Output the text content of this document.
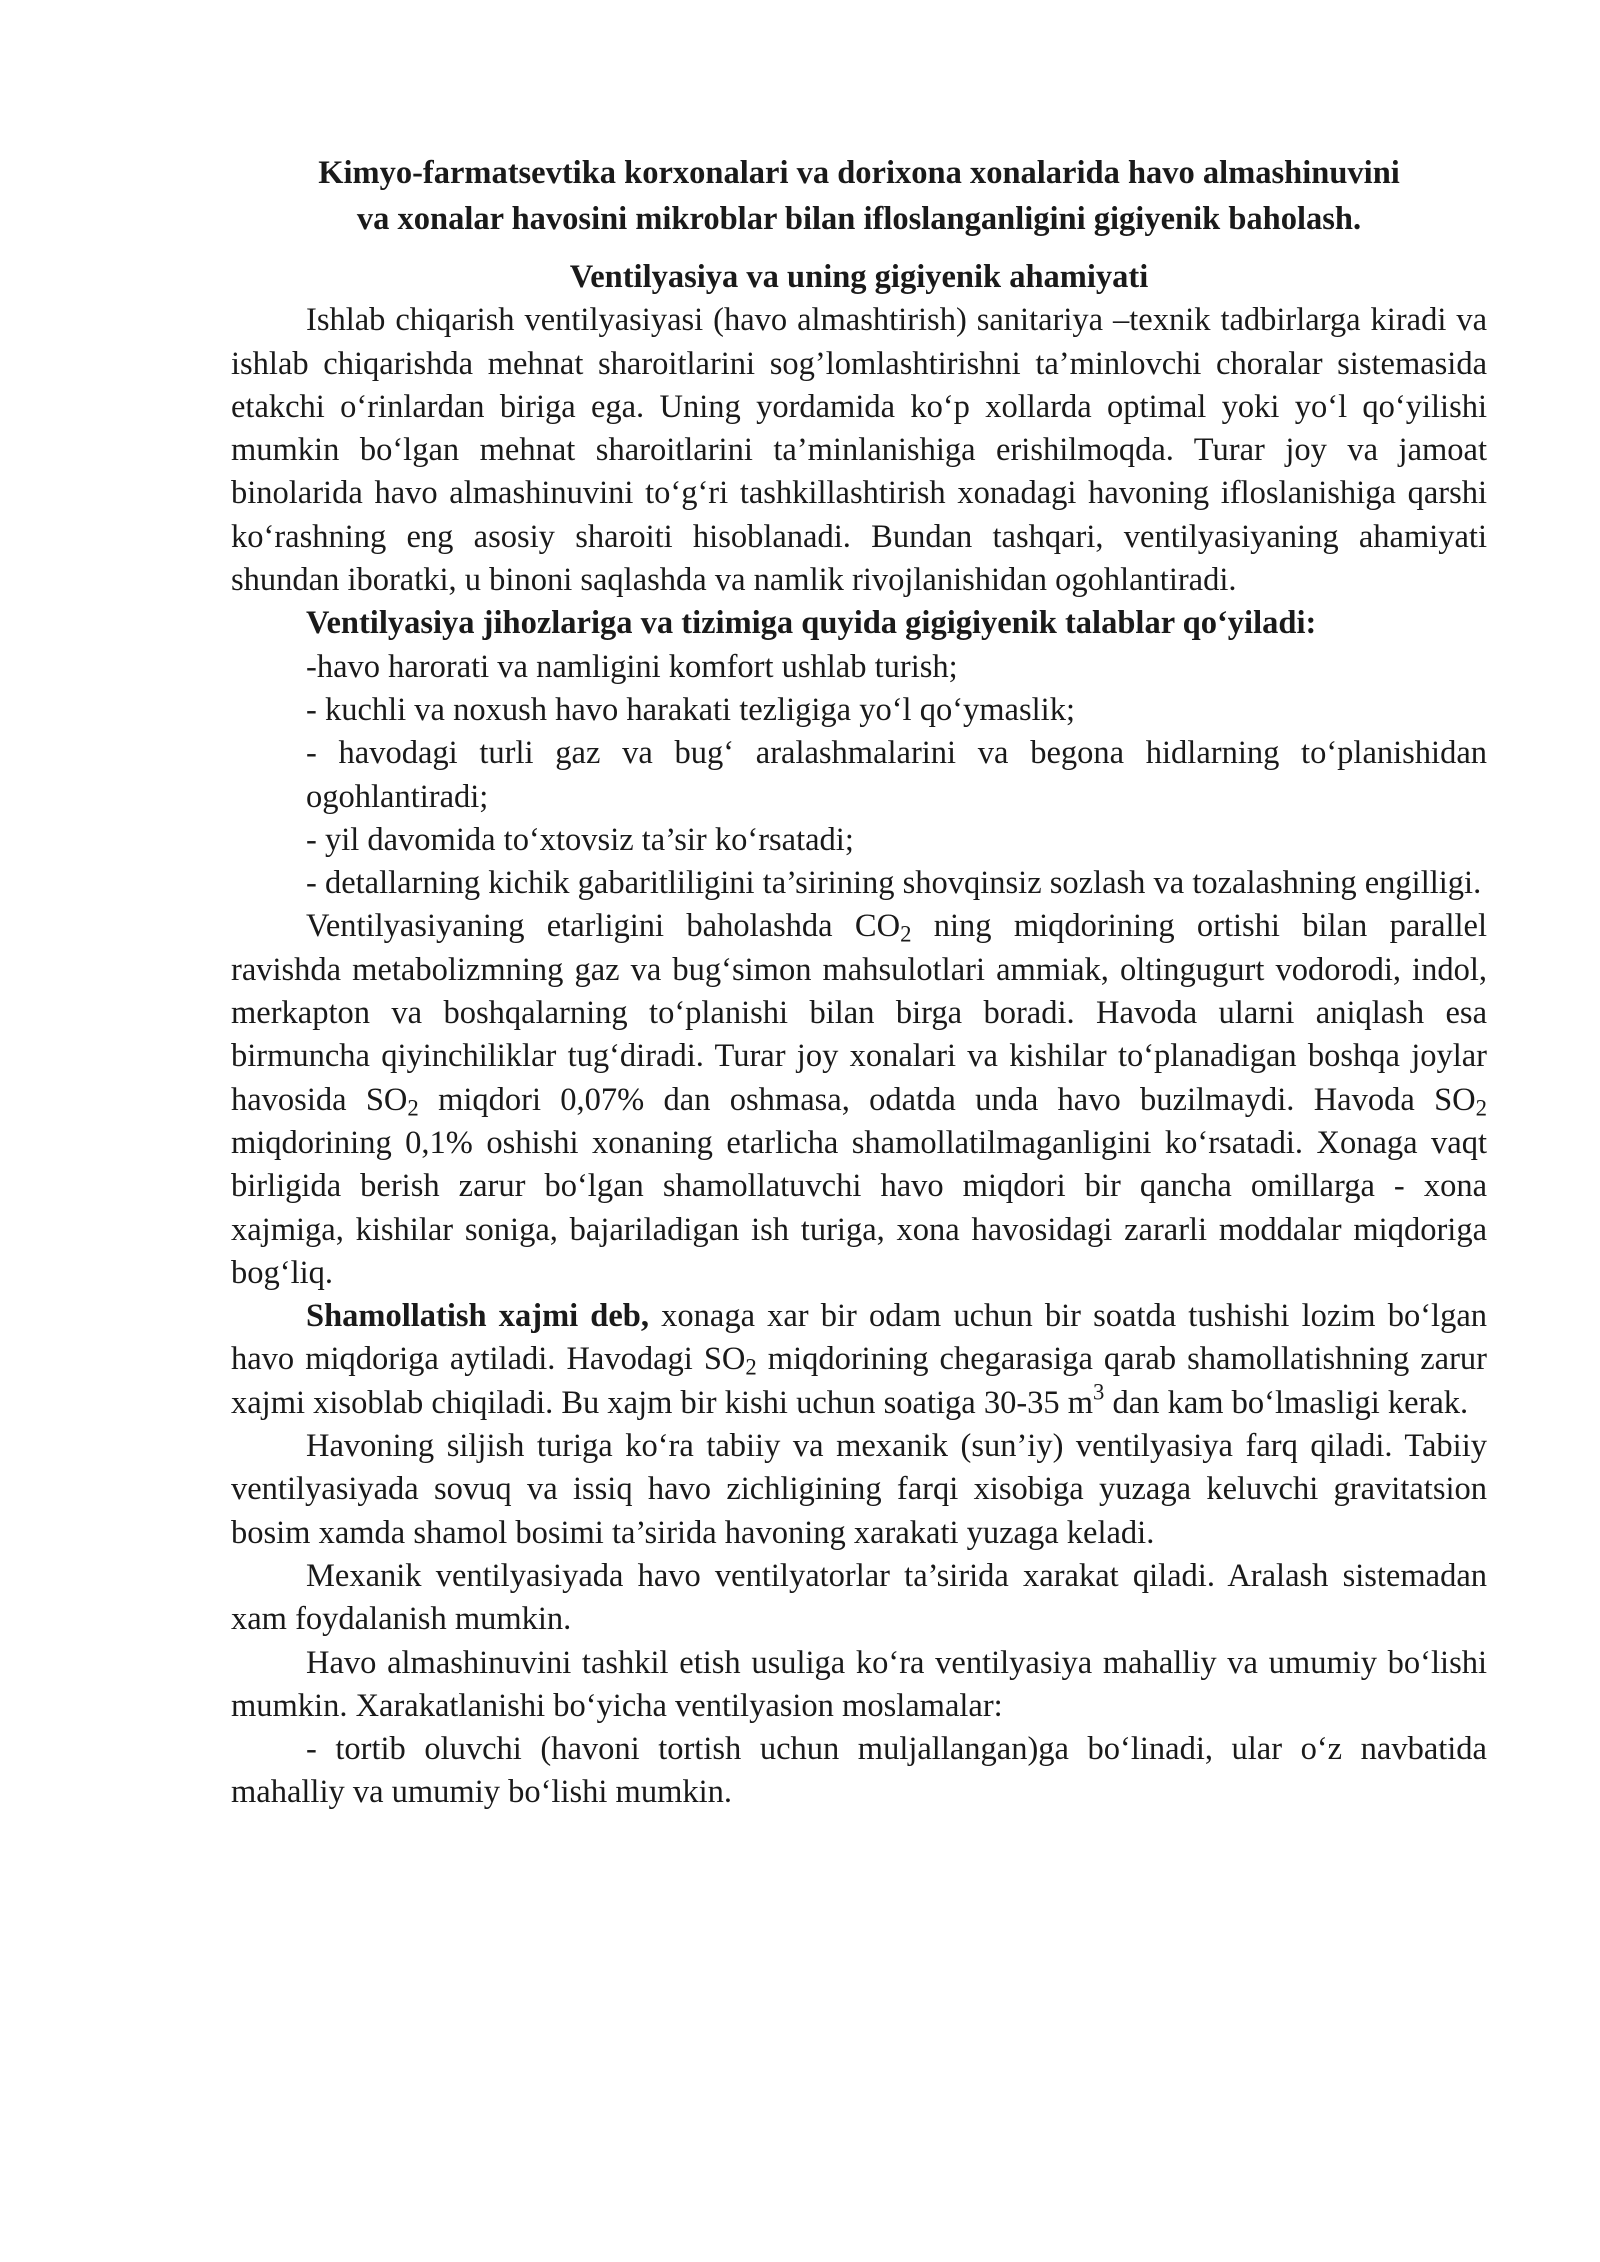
Kimyo-farmatsevtika korxonalari va dorixona xonalarida havo almashinuvini
va xonalar havosini mikroblar bilan ifloslanganligini gigiyenik baholash.
Ventilyasiya va uning gigiyenik ahamiyati

Ishlab chiqarish ventilyasiyasi (havo almashtirish) sanitariya –texnik tadbirlarga kiradi va ishlab chiqarishda mehnat sharoitlarini sog’lomlashtirishni ta’minlovchi choralar sistemasida etakchi o‘rinlardan biriga ega. Uning yordamida ko‘p xollarda optimal yoki yo‘l qo‘yilishi mumkin bo‘lgan mehnat sharoitlarini ta’minlanishiga erishilmoqda. Turar joy va jamoat binolarida havo almashinuvini to‘g‘ri tashkillashtirish xonadagi havoning ifloslanishiga qarshi ko‘rashning eng asosiy sharoiti hisoblanadi. Bundan tashqari, ventilyasiyaning ahamiyati shundan iboratki, u binoni saqlashda va namlik rivojlanishidan ogohlantiradi.

Ventilyasiya jihozlariga va tizimiga quyida gigigiyenik talablar qo‘yiladi:
-havo harorati va namligini komfort ushlab turish;
- kuchli va noxush havo harakati tezligiga yo‘l qo‘ymaslik;
- havodagi turli gaz va bug‘ aralashmalarini va begona hidlarning to‘planishidan ogohlantiradi;
- yil davomida to‘xtovsiz ta’sir ko‘rsatadi;
- detallarning kichik gabaritliligini ta’sirining shovqinsiz sozlash va tozalashning engilligi.

Ventilyasiyaning etarligini baholashda $CO_2$ ning miqdorining ortishi bilan parallel ravishda metabolizmning gaz va bug‘simon mahsulotlari ammiak, oltingugurt vodorodi, indol, merkapton va boshqalarning to‘planishi bilan birga boradi. Havoda ularni aniqlash esa birmuncha qiyinchiliklar tug‘diradi. Turar joy xonalari va kishilar to‘planadigan boshqa joylar havosida $SO_2$ miqdori 0,07% dan oshmasa, odatda unda havo buzilmaydi. Havoda $SO_2$ miqdorining 0,1% oshishi xonaning etarlicha shamollatilmaganligini ko‘rsatadi. Xonaga vaqt birligida berish zarur bo‘lgan shamollatuvchi havo miqdori bir qancha omillarga - xona xajmiga, kishilar soniga, bajariladigan ish turiga, xona havosidagi zararli moddalar miqdoriga bog‘liq.

Shamollatish xajmi deb, xonaga xar bir odam uchun bir soatda tushishi lozim bo‘lgan havo miqdoriga aytiladi. Havodagi $SO_2$ miqdorining chegarasiga qarab shamollatishning zarur xajmi xisoblab chiqiladi. Bu xajm bir kishi uchun soatiga 30-35 $m^3$ dan kam bo‘lmasligi kerak.

Havoning siljish turiga ko‘ra tabiiy va mexanik (sun’iy) ventilyasiya farq qiladi. Tabiiy ventilyasiyada sovuq va issiq havo zichligining farqi xisobiga yuzaga keluvchi gravitatsion bosim xamda shamol bosimi ta’sirida havoning xarakati yuzaga keladi.

Mexanik ventilyasiyada havo ventilyatorlar ta’sirida xarakat qiladi. Aralash sistemadan xam foydalanish mumkin.

Havo almashinuvini tashkil etish usuliga ko‘ra ventilyasiya mahalliy va umumiy bo‘lishi mumkin. Xarakatlanishi bo‘yicha ventilyasion moslamalar:

- tortib oluvchi (havoni tortish uchun muljallangan)ga bo‘linadi, ular o‘z navbatida mahalliy va umumiy bo‘lishi mumkin.
